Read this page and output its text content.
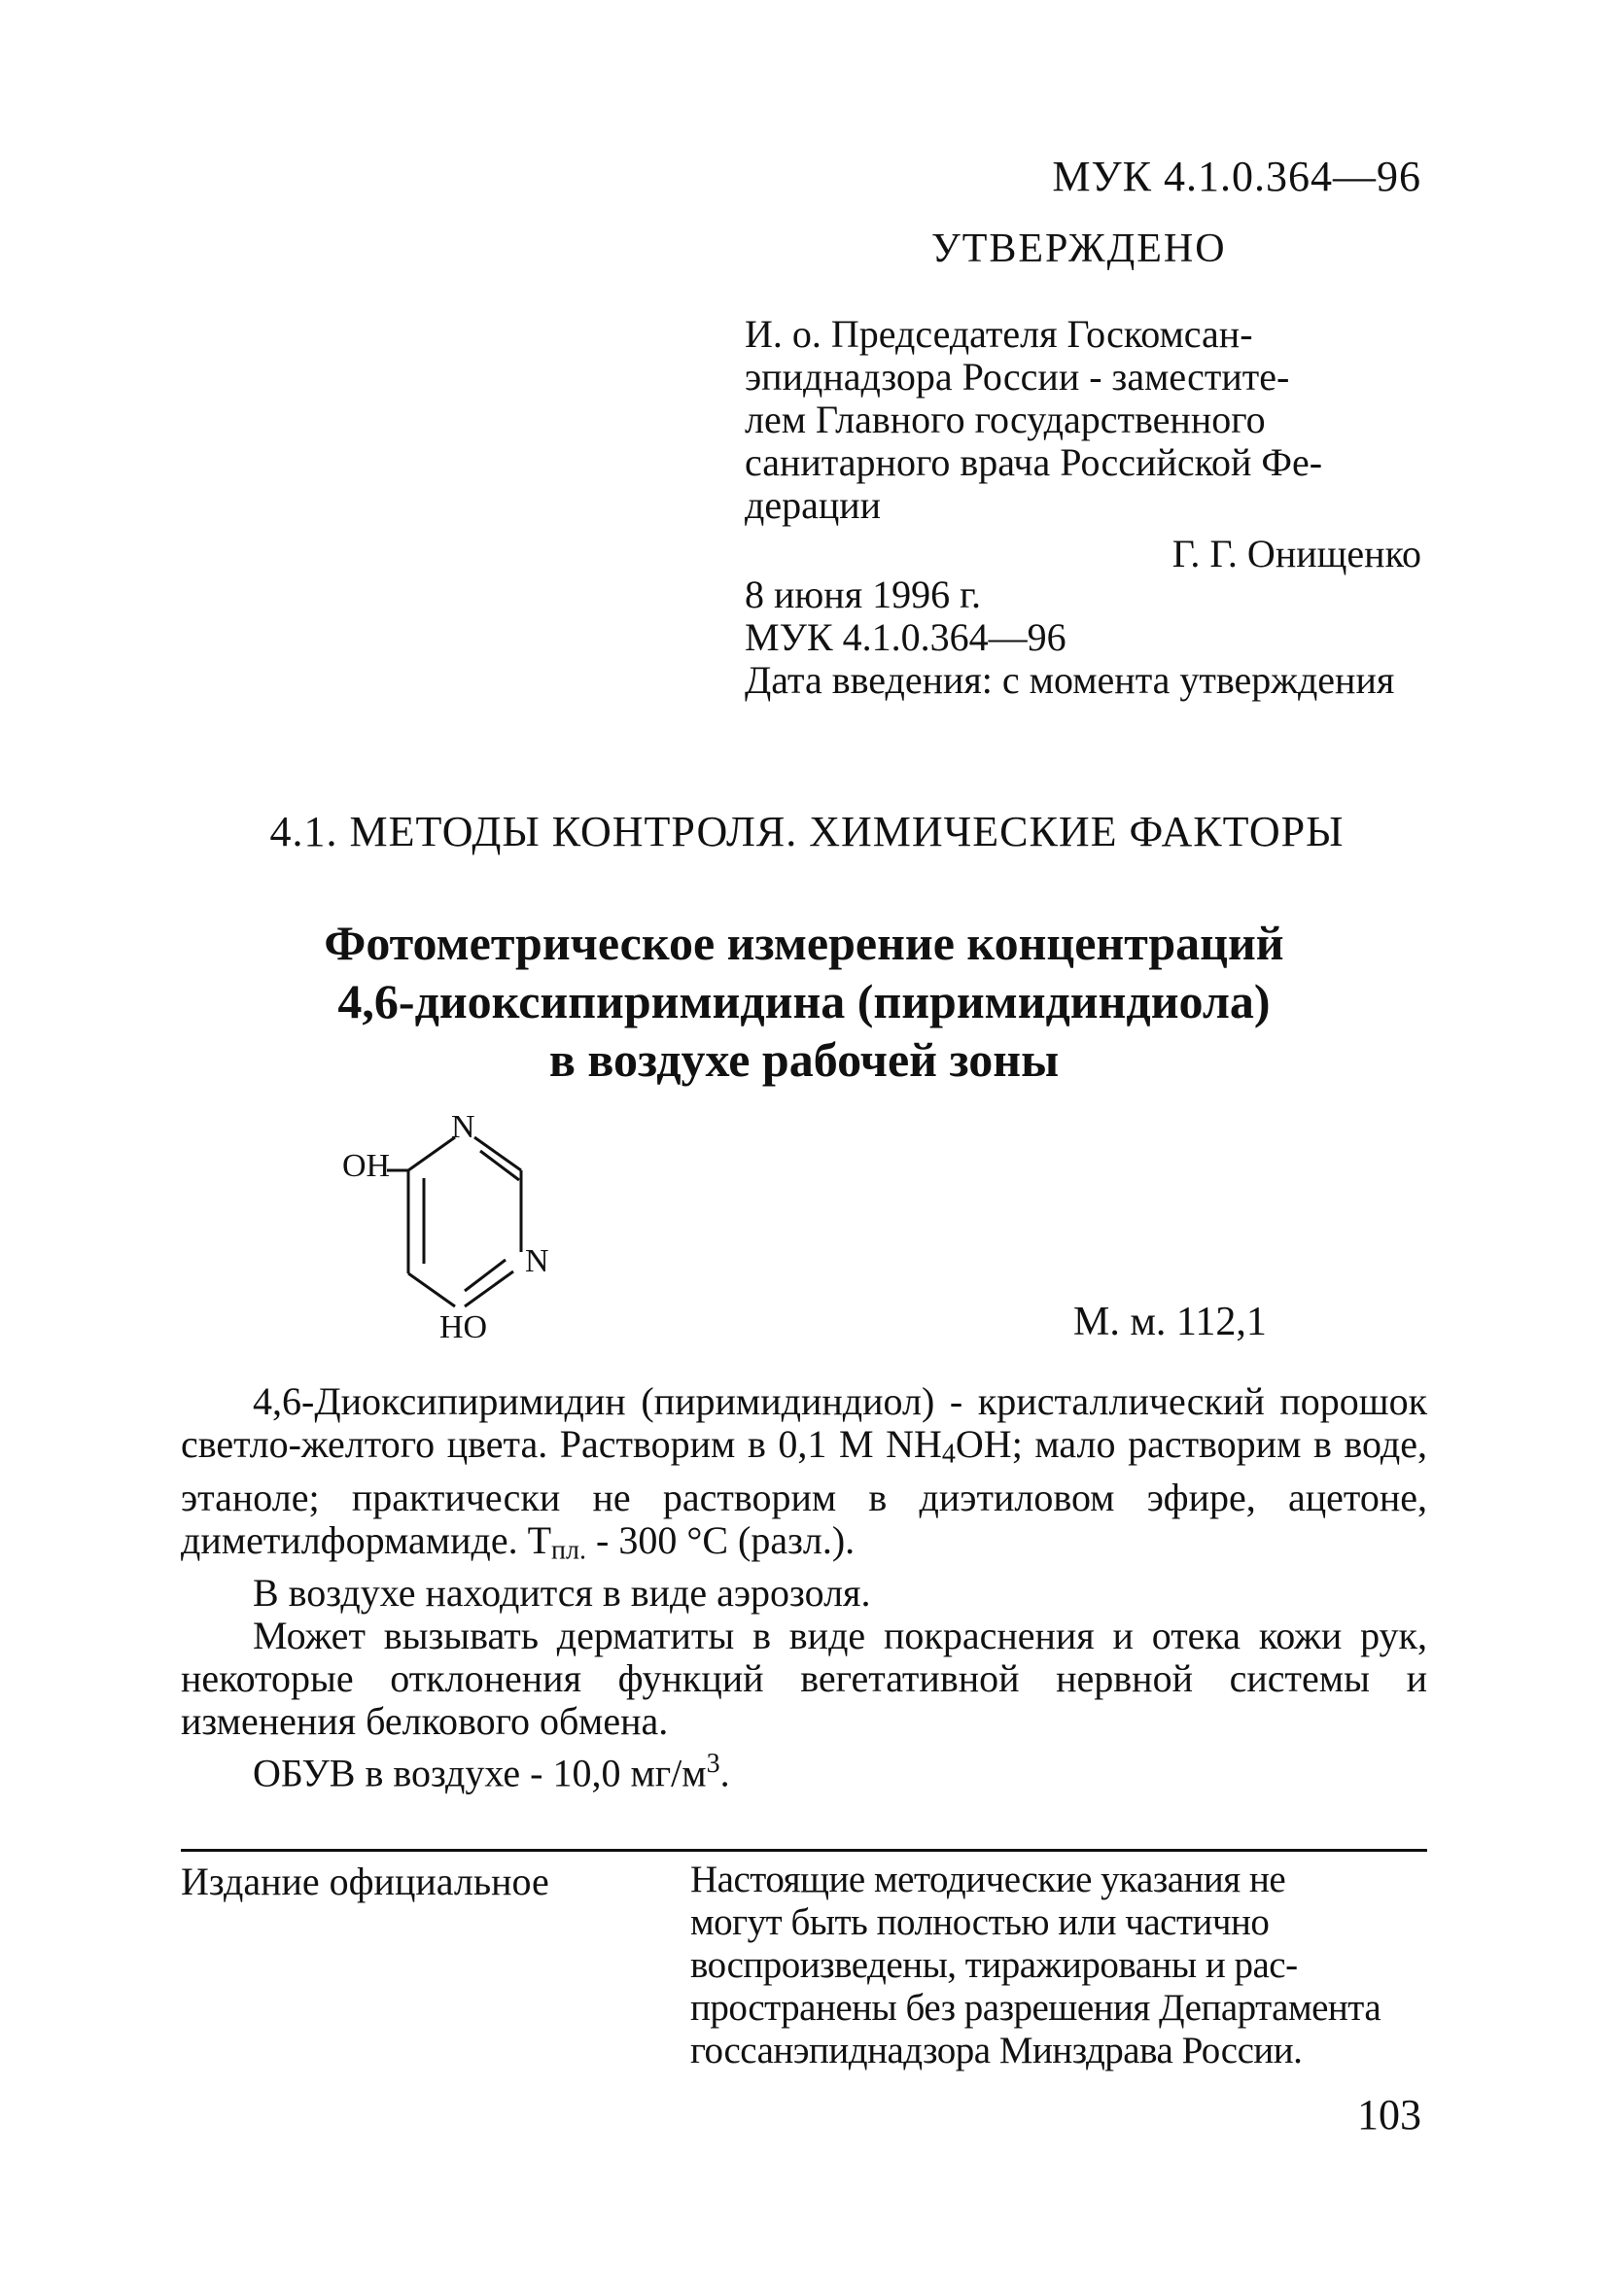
МУК 4.1.0.364—96
УТВЕРЖДЕНО
И. о. Председателя Госкомсан-
эпиднадзора России - заместите-
лем Главного государственного
санитарного врача Российской Фе-
дерации
Г. Г. Онищенко
8 июня 1996 г.
МУК 4.1.0.364—96
Дата введения: с момента утверждения
4.1. МЕТОДЫ КОНТРОЛЯ. ХИМИЧЕСКИЕ ФАКТОРЫ
Фотометрическое измерение концентраций
4,6-диоксипиримидина (пиримидиндиола)
в воздухе рабочей зоны
OH
N
N
HO	М. м. 112,1

4,6-Диоксипиримидин (пиримидиндиол) - кристаллический порошок светло-желтого цвета. Растворим в 0,1 М $NH_4OH$; мало растворим в воде, этаноле; практически не растворим в диэтиловом эфире, ацетоне, диметилформамиде. $Т_{пл.} - 300$ °С (разл.).

В воздухе находится в виде аэрозоля.

Может вызывать дерматиты в виде покраснения и отека кожи рук, некоторые отклонения функций вегетативной нервной системы и изменения белкового обмена.

ОБУВ в воздухе - 10,0 $мг/м^3$.

Издание официальное	Настоящие методические указания не
могут быть полностью или частично
воспроизведены, тиражированы и рас-
пространены без разрешения Департамента
госсанэпиднадзора Минздрава России.
103
